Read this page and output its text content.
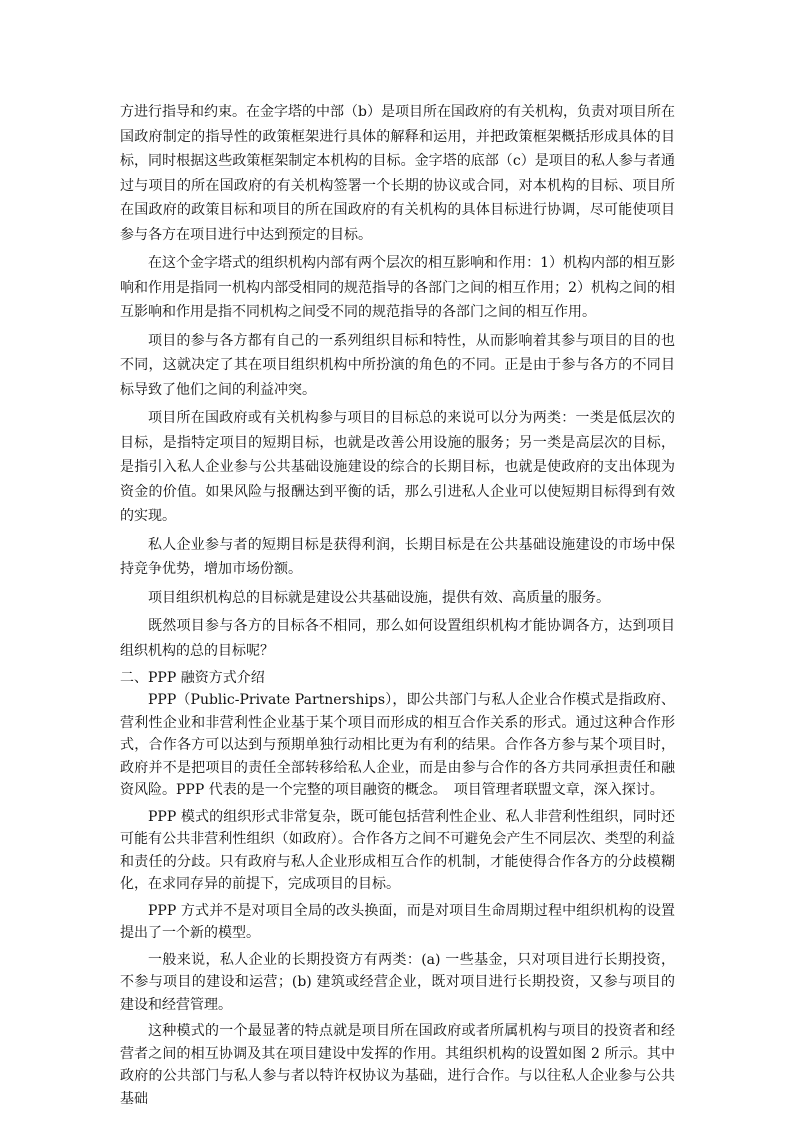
方进行指导和约束。在金字塔的中部（b）是项目所在国政府的有关机构，负责对项目所在国政府制定的指导性的政策框架进行具体的解释和运用，并把政策框架概括形成具体的目标，同时根据这些政策框架制定本机构的目标。金字塔的底部（c）是项目的私人参与者通过与项目的所在国政府的有关机构签署一个长期的协议或合同，对本机构的目标、项目所在国政府的政策目标和项目的所在国政府的有关机构的具体目标进行协调，尽可能使项目参与各方在项目进行中达到预定的目标。

在这个金字塔式的组织机构内部有两个层次的相互影响和作用：1）机构内部的相互影响和作用是指同一机构内部受相同的规范指导的各部门之间的相互作用；2）机构之间的相互影响和作用是指不同机构之间受不同的规范指导的各部门之间的相互作用。

项目的参与各方都有自己的一系列组织目标和特性，从而影响着其参与项目的目的也不同，这就决定了其在项目组织机构中所扮演的角色的不同。正是由于参与各方的不同目标导致了他们之间的利益冲突。

项目所在国政府或有关机构参与项目的目标总的来说可以分为两类：一类是低层次的目标，是指特定项目的短期目标，也就是改善公用设施的服务；另一类是高层次的目标，是指引入私人企业参与公共基础设施建设的综合的长期目标，也就是使政府的支出体现为资金的价值。如果风险与报酬达到平衡的话，那么引进私人企业可以使短期目标得到有效的实现。

私人企业参与者的短期目标是获得利润，长期目标是在公共基础设施建设的市场中保持竞争优势，增加市场份额。

项目组织机构总的目标就是建设公共基础设施，提供有效、高质量的服务。

既然项目参与各方的目标各不相同，那么如何设置组织机构才能协调各方，达到项目组织机构的总的目标呢？

二、PPP 融资方式介绍

PPP（Public-Private Partnerships），即公共部门与私人企业合作模式是指政府、营利性企业和非营利性企业基于某个项目而形成的相互合作关系的形式。通过这种合作形式，合作各方可以达到与预期单独行动相比更为有利的结果。合作各方参与某个项目时，政府并不是把项目的责任全部转移给私人企业，而是由参与合作的各方共同承担责任和融资风险。PPP 代表的是一个完整的项目融资的概念。　项目管理者联盟文章，深入探讨。

PPP 模式的组织形式非常复杂，既可能包括营利性企业、私人非营利性组织，同时还可能有公共非营利性组织（如政府）。合作各方之间不可避免会产生不同层次、类型的利益和责任的分歧。只有政府与私人企业形成相互合作的机制，才能使得合作各方的分歧模糊化，在求同存异的前提下，完成项目的目标。

PPP 方式并不是对项目全局的改头换面，而是对项目生命周期过程中组织机构的设置提出了一个新的模型。

一般来说，私人企业的长期投资方有两类：(a) 一些基金，只对项目进行长期投资，不参与项目的建设和运营；(b) 建筑或经营企业，既对项目进行长期投资，又参与项目的建设和经营管理。

这种模式的一个最显著的特点就是项目所在国政府或者所属机构与项目的投资者和经营者之间的相互协调及其在项目建设中发挥的作用。其组织机构的设置如图 2 所示。其中政府的公共部门与私人参与者以特许权协议为基础，进行合作。与以往私人企业参与公共基础
